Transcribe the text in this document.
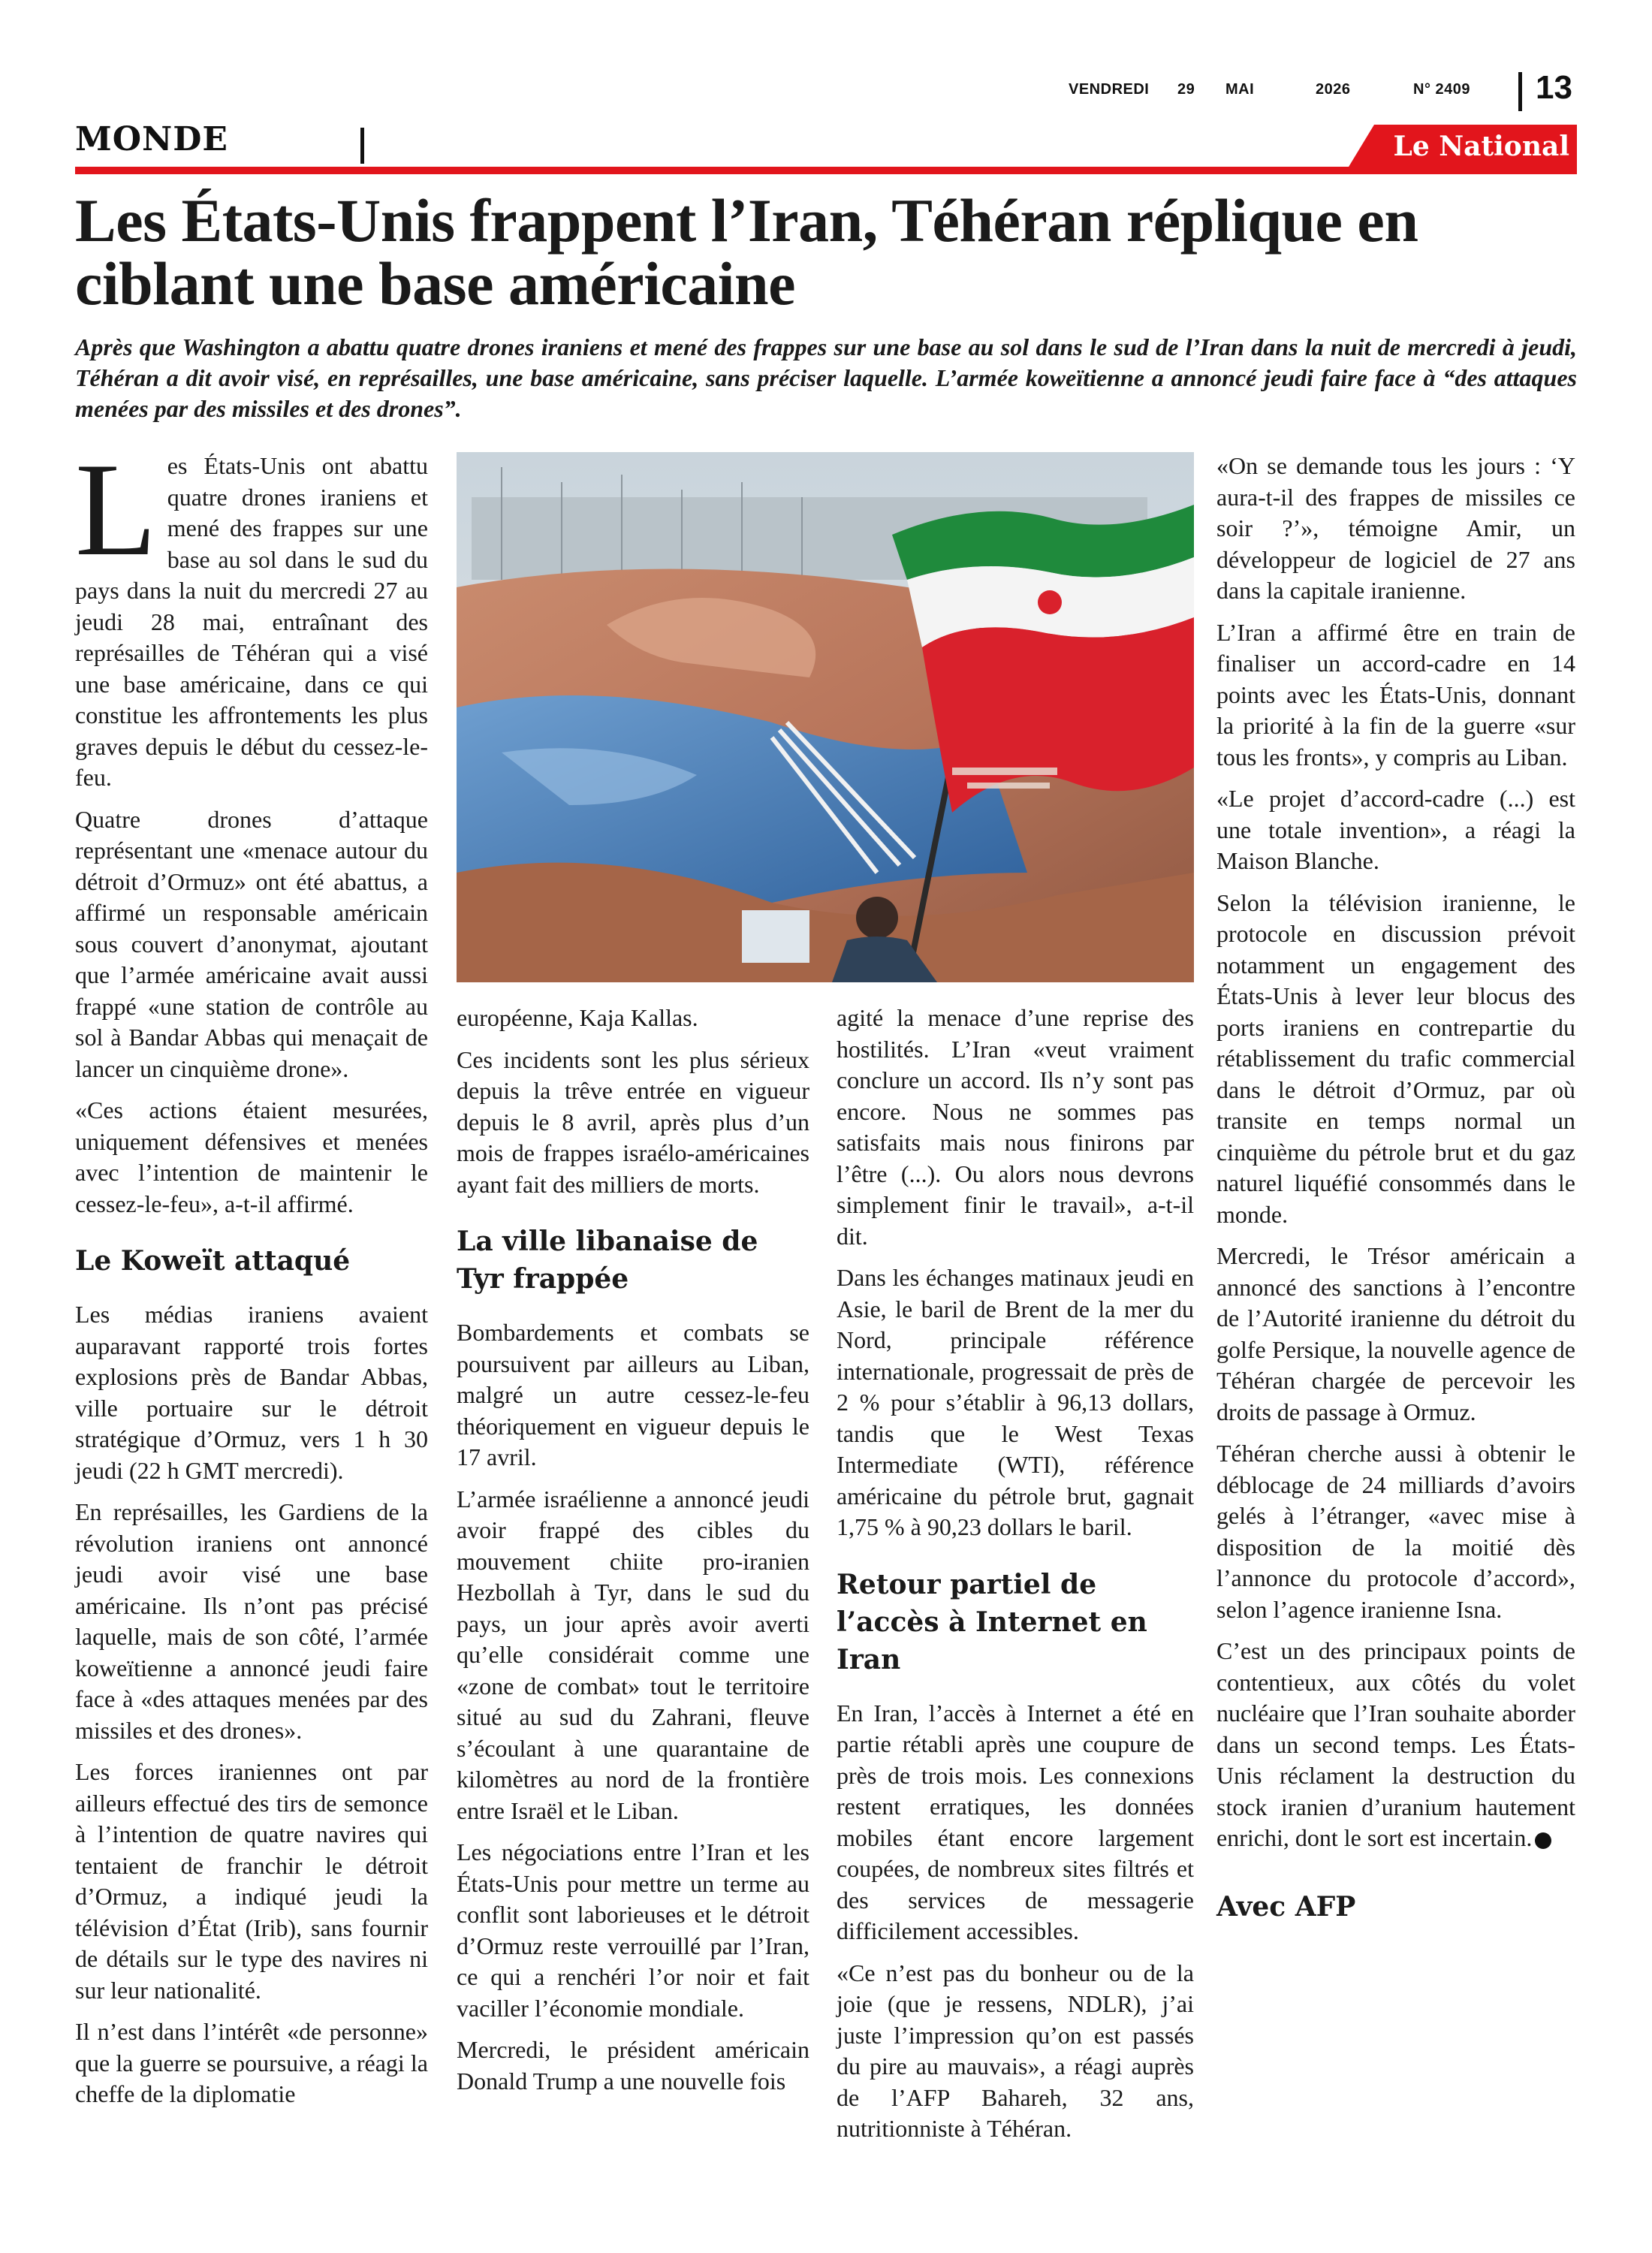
VENDREDI 29 MAI	2026	N° 2409 13
MONDE	Le National
Les États-Unis frappent l’Iran, Téhéran réplique en ciblant une base américaine
Après que Washington a abattu quatre drones iraniens et mené des frappes sur une base au sol dans le sud de l’Iran dans la nuit de mercredi à jeudi, Téhéran a dit avoir visé, en représailles, une base américaine, sans préciser laquelle. L’armée koweïtienne a annoncé jeudi faire face à “des attaques menées par des missiles et des drones”.

Les États-Unis ont abattu quatre drones iraniens et mené des frappes sur une base au sol dans le sud du pays dans la nuit du mercredi 27 au jeudi 28 mai, entraînant des représailles de Téhéran qui a visé une base américaine, dans ce qui constitue les affrontements les plus graves depuis le début du cessez-le-feu.

Quatre drones d’attaque représentant une «menace autour du détroit d’Ormuz» ont été abattus, a affirmé un responsable américain sous couvert d’anonymat, ajoutant que l’armée américaine avait aussi frappé «une station de contrôle au sol à Bandar Abbas qui menaçait de lancer un cinquième drone».

«Ces actions étaient mesurées, uniquement défensives et menées avec l’intention de maintenir le cessez-le-feu», a-t-il affirmé.

Le Koweït attaqué

Les médias iraniens avaient auparavant rapporté trois fortes explosions près de Bandar Abbas, ville portuaire sur le détroit stratégique d’Ormuz, vers 1 h 30 jeudi (22 h GMT mercredi).

En représailles, les Gardiens de la révolution iraniens ont annoncé jeudi avoir visé une base américaine. Ils n’ont pas précisé laquelle, mais de son côté, l’armée koweïtienne a annoncé jeudi faire face à «des attaques menées par des missiles et des drones».

Les forces iraniennes ont par ailleurs effectué des tirs de semonce à l’intention de quatre navires qui tentaient de franchir le détroit d’Ormuz, a indiqué jeudi la télévision d’État (Irib), sans fournir de détails sur le type des navires ni sur leur nationalité.

Il n’est dans l’intérêt «de personne» que la guerre se poursuive, a réagi la cheffe de la diplomatie

européenne, Kaja Kallas.

Ces incidents sont les plus sérieux depuis la trêve entrée en vigueur depuis le 8 avril, après plus d’un mois de frappes israélo-américaines ayant fait des milliers de morts.

La ville libanaise de Tyr frappée

Bombardements et combats se poursuivent par ailleurs au Liban, malgré un autre cessez-le-feu théoriquement en vigueur depuis le 17 avril.

L’armée israélienne a annoncé jeudi avoir frappé des cibles du mouvement chiite pro-iranien Hezbollah à Tyr, dans le sud du pays, un jour après avoir averti qu’elle considérait comme une «zone de combat» tout le territoire situé au sud du Zahrani, fleuve s’écoulant à une quarantaine de kilomètres au nord de la frontière entre Israël et le Liban.

Les négociations entre l’Iran et les États-Unis pour mettre un terme au conflit sont laborieuses et le détroit d’Ormuz reste verrouillé par l’Iran, ce qui a renchéri l’or noir et fait vaciller l’économie mondiale.

Mercredi, le président américain Donald Trump a une nouvelle fois

agité la menace d’une reprise des hostilités. L’Iran «veut vraiment conclure un accord. Ils n’y sont pas encore. Nous ne sommes pas satisfaits mais nous finirons par l’être (...). Ou alors nous devrons simplement finir le travail», a-t-il dit.

Dans les échanges matinaux jeudi en Asie, le baril de Brent de la mer du Nord, principale référence internationale, progressait de près de 2 % pour s’établir à 96,13 dollars, tandis que le West Texas Intermediate (WTI), référence américaine du pétrole brut, gagnait 1,75 % à 90,23 dollars le baril.

Retour partiel de l’accès à Internet en Iran

En Iran, l’accès à Internet a été en partie rétabli après une coupure de près de trois mois. Les connexions restent erratiques, les données mobiles étant encore largement coupées, de nombreux sites filtrés et des services de messagerie difficilement accessibles.

«Ce n’est pas du bonheur ou de la joie (que je ressens, NDLR), j’ai juste l’impression qu’on est passés du pire au mauvais», a réagi auprès de l’AFP Bahareh, 32 ans, nutritionniste à Téhéran.

«On se demande tous les jours : ‘Y aura-t-il des frappes de missiles ce soir ?’», témoigne Amir, un développeur de logiciel de 27 ans dans la capitale iranienne.

L’Iran a affirmé être en train de finaliser un accord-cadre en 14 points avec les États-Unis, donnant la priorité à la fin de la guerre «sur tous les fronts», y compris au Liban.

«Le projet d’accord-cadre (...) est une totale invention», a réagi la Maison Blanche.

Selon la télévision iranienne, le protocole en discussion prévoit notamment un engagement des États-Unis à lever leur blocus des ports iraniens en contrepartie du rétablissement du trafic commercial dans le détroit d’Ormuz, par où transite en temps normal un cinquième du pétrole brut et du gaz naturel liquéfié consommés dans le monde.

Mercredi, le Trésor américain a annoncé des sanctions à l’encontre de l’Autorité iranienne du détroit du golfe Persique, la nouvelle agence de Téhéran chargée de percevoir les droits de passage à Ormuz.

Téhéran cherche aussi à obtenir le déblocage de 24 milliards d’avoirs gelés à l’étranger, «avec mise à disposition de la moitié dès l’annonce du protocole d’accord», selon l’agence iranienne Isna.

C’est un des principaux points de contentieux, aux côtés du volet nucléaire que l’Iran souhaite aborder dans un second temps. Les États-Unis réclament la destruction du stock iranien d’uranium hautement enrichi, dont le sort est incertain.

Avec AFP
